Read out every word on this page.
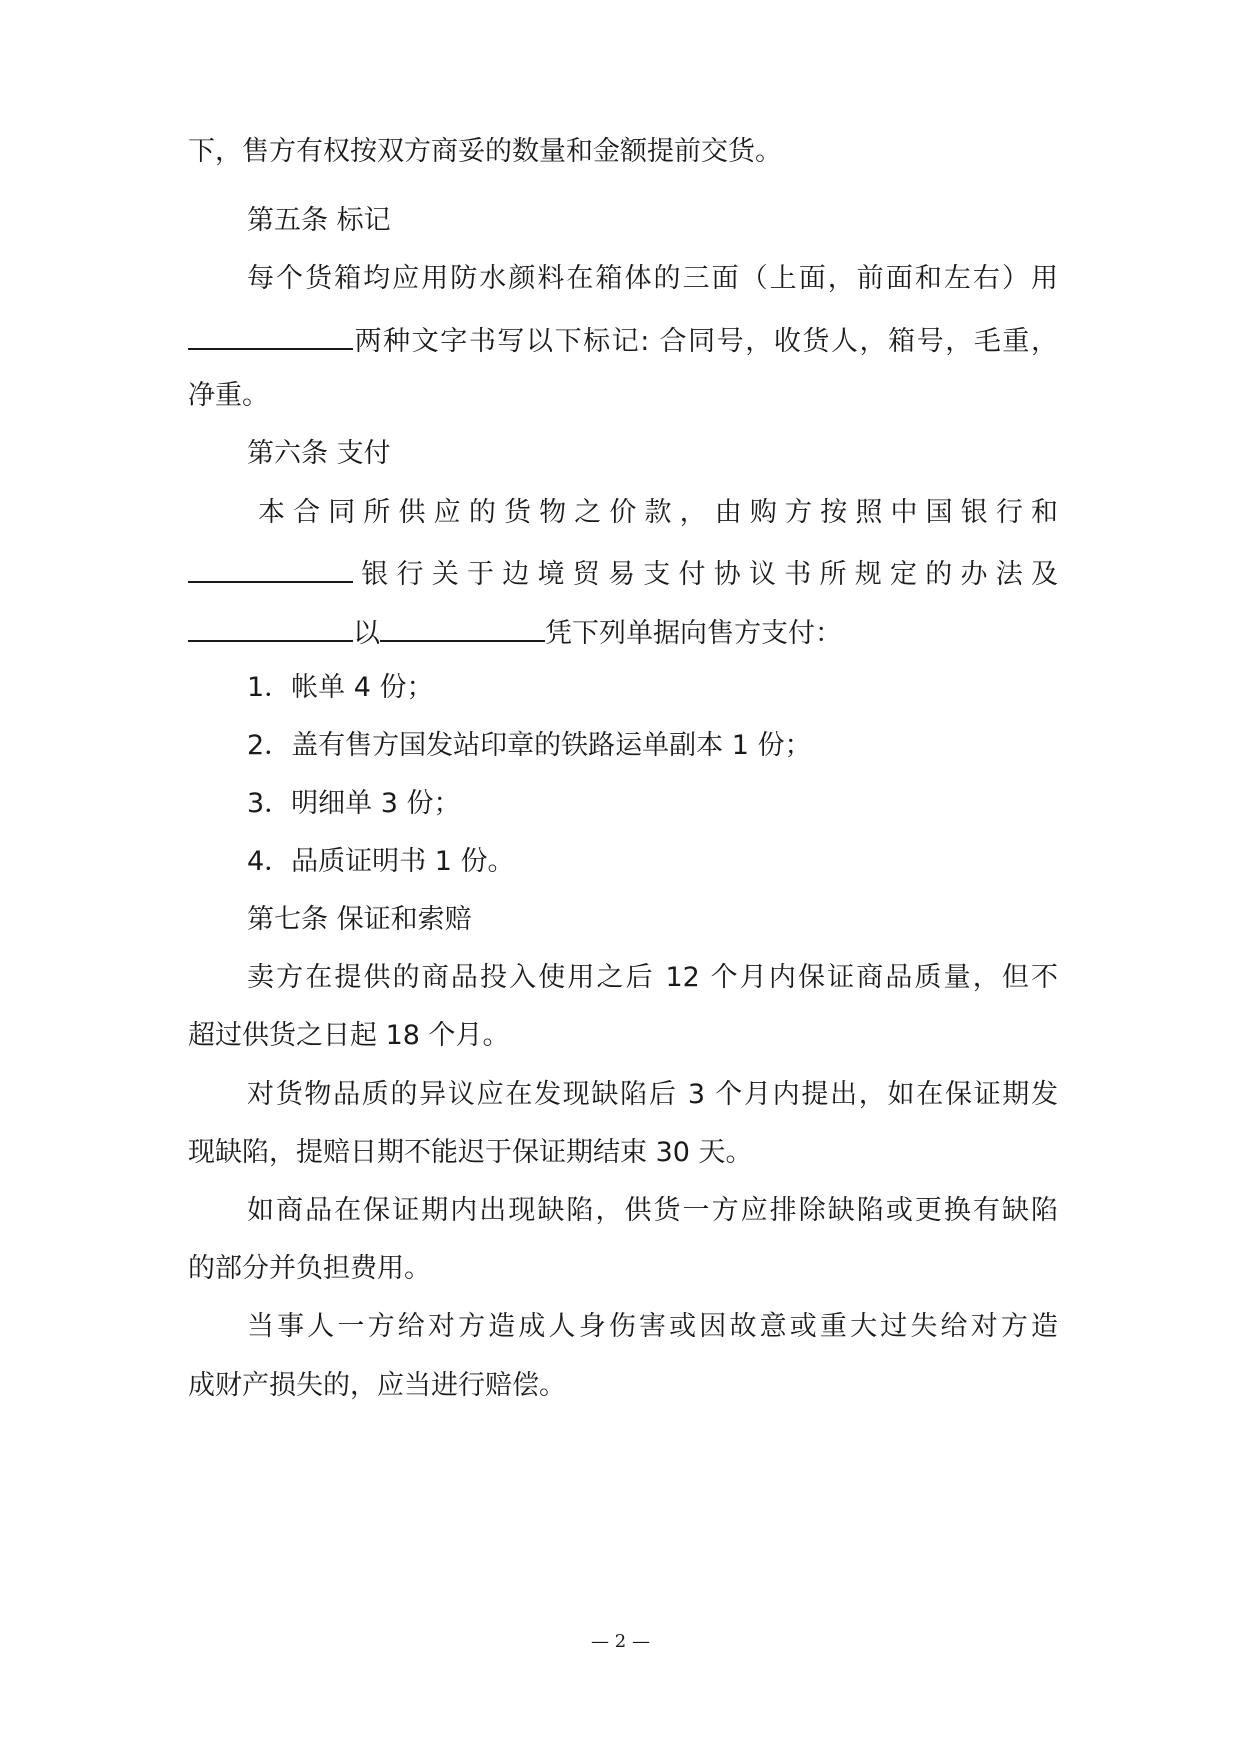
下，售方有权按双方商妥的数量和金额提前交货。
第五条 标记
每个货箱均应用防水颜料在箱体的三面（上面，前面和左右）用
两种文字书写以下标记: 合同号，收货人，箱号，毛重，
净重。
第六条 支付
本合同所供应的货物之价款，由购方按照中国银行和
银行关于边境贸易支付协议书所规定的办法及
以	凭下列单据向售方支付：
1．帐单 4 份；
2．盖有售方国发站印章的铁路运单副本 1 份；
3．明细单 3 份；
4．品质证明书 1 份。
第七条 保证和索赔
卖方在提供的商品投入使用之后 12 个月内保证商品质量，但不
超过供货之日起 18 个月。
对货物品质的异议应在发现缺陷后 3 个月内提出，如在保证期发
现缺陷，提赔日期不能迟于保证期结束 30 天。
如商品在保证期内出现缺陷，供货一方应排除缺陷或更换有缺陷
的部分并负担费用。
当事人一方给对方造成人身伤害或因故意或重大过失给对方造
成财产损失的，应当进行赔偿。
— 2 —
